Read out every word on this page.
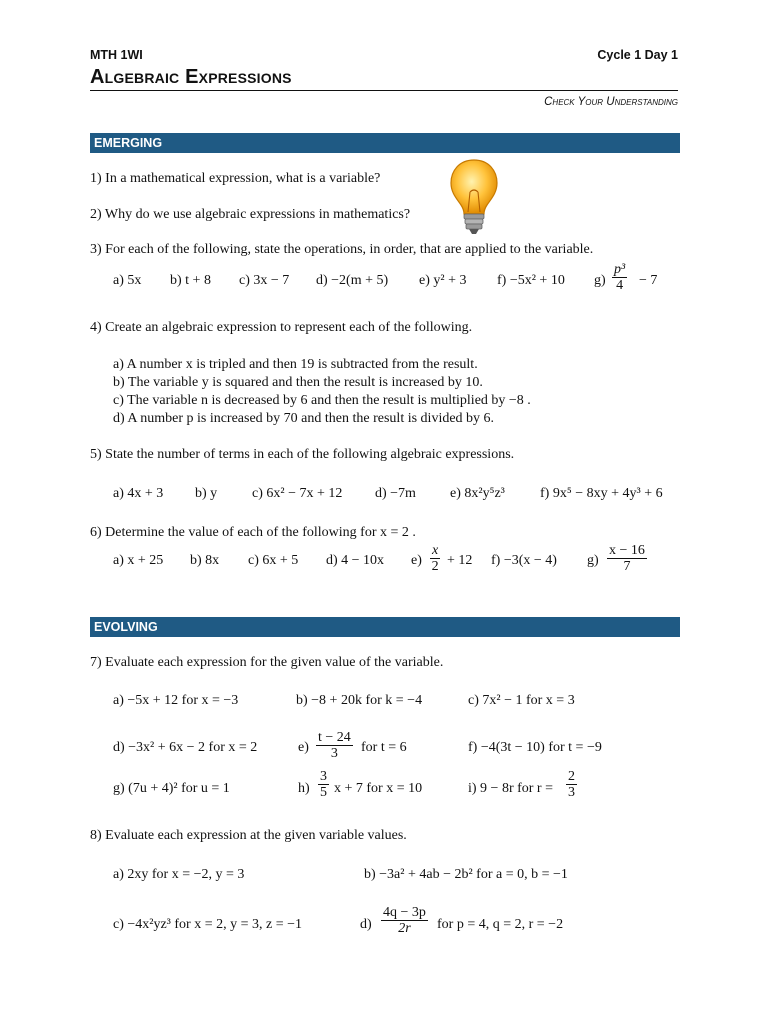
MTH 1WI	Cycle 1 Day 1
Algebraic Expressions
Check Your Understanding
EMERGING
1) In a mathematical expression, what is a variable?
2) Why do we use algebraic expressions in mathematics?
3) For each of the following, state the operations, in order, that are applied to the variable.
a) 5x b) t + 8 c) 3x − 7 d) −2(m + 5) e) y² + 3 f) −5x² + 10 $g) \frac{\text{p³}}{4} - 7$
4) Create an algebraic expression to represent each of the following.
a) A number x is tripled and then 19 is subtracted from the result.
b) The variable y is squared and then the result is increased by 10.
c) The variable n is decreased by 6 and then the result is multiplied by −8 .
d) A number p is increased by 70 and then the result is divided by 6.
5) State the number of terms in each of the following algebraic expressions.
a) 4x + 3 b) y c) 6x² − 7x + 12 d) −7m e) 8x²y⁵z³	f) 9x⁵ − 8xy + 4y³ + 6
6) Determine the value of each of the following for x = 2 .
a) x + 25 b) 8x c) 6x + 5 d) 4 − 10x $e) \frac{x}{2} + 12$ f) −3(x − 4) $g) \frac{x - 16}{7}$
EVOLVING
7) Evaluate each expression for the given value of the variable.
a) −5x + 12 for x = −3	b) −8 + 20k for k = −4	c) 7x² − 1 for x = 3
d) −3x² + 6x − 2 for x = 2	$e) \frac{t - 24}{3}$ for t = 6	f) −4(3t − 10) for t = −9
g) (7u + 4)² for u = 1	$h) \frac{3}{5}$ x + 7 for x = 10	i) 9 − 8r for $r = \frac{2}{3}$
8) Evaluate each expression at the given variable values.
a) 2xy for x = −2, y = 3	b) −3a² + 4ab − 2b² for a = 0, b = −1
c) −4x²yz³ for x = 2, y = 3, z = −1	$d) \frac{4q - 3p}{2r}$ for p = 4, q = 2, r = −2
